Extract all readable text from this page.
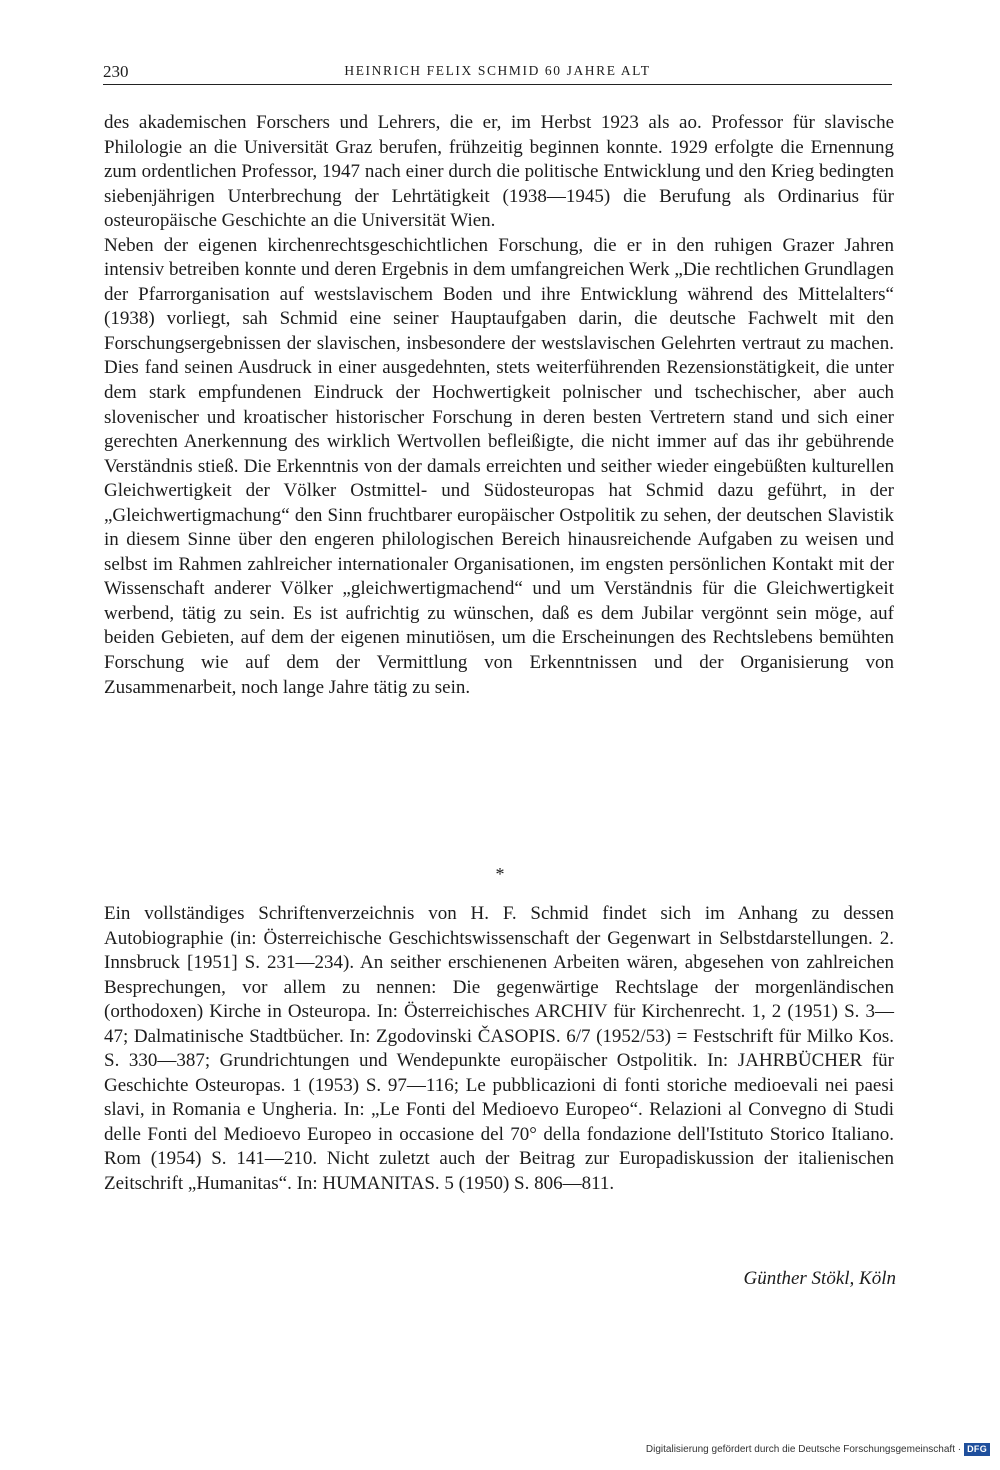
230	HEINRICH FELIX SCHMID 60 JAHRE ALT

des akademischen Forschers und Lehrers, die er, im Herbst 1923 als ao. Professor für slavische Philologie an die Universität Graz berufen, frühzeitig beginnen konnte. 1929 erfolgte die Ernennung zum ordentlichen Professor, 1947 nach einer durch die politische Entwicklung und den Krieg bedingten siebenjährigen Unterbrechung der Lehrtätigkeit (1938—1945) die Berufung als Ordinarius für osteuropäische Geschichte an die Universität Wien.

Neben der eigenen kirchenrechtsgeschichtlichen Forschung, die er in den ruhigen Grazer Jahren intensiv betreiben konnte und deren Ergebnis in dem umfangreichen Werk „Die rechtlichen Grundlagen der Pfarrorganisation auf westslavischem Boden und ihre Entwicklung während des Mittelalters“ (1938) vorliegt, sah Schmid eine seiner Hauptaufgaben darin, die deutsche Fachwelt mit den Forschungsergebnissen der slavischen, insbesondere der westslavischen Gelehrten vertraut zu machen. Dies fand seinen Ausdruck in einer ausgedehnten, stets weiterführenden Rezensionstätigkeit, die unter dem stark empfundenen Eindruck der Hochwertigkeit polnischer und tschechischer, aber auch slovenischer und kroatischer historischer Forschung in deren besten Vertretern stand und sich einer gerechten Anerkennung des wirklich Wertvollen befleißigte, die nicht immer auf das ihr gebührende Verständnis stieß. Die Erkenntnis von der damals erreichten und seither wieder eingebüßten kulturellen Gleichwertigkeit der Völker Ostmittel- und Südosteuropas hat Schmid dazu geführt, in der „Gleichwertigmachung“ den Sinn fruchtbarer europäischer Ostpolitik zu sehen, der deutschen Slavistik in diesem Sinne über den engeren philologischen Bereich hinausreichende Aufgaben zu weisen und selbst im Rahmen zahlreicher internationaler Organisationen, im engsten persönlichen Kontakt mit der Wissenschaft anderer Völker „gleichwertigmachend“ und um Verständnis für die Gleichwertigkeit werbend, tätig zu sein. Es ist aufrichtig zu wünschen, daß es dem Jubilar vergönnt sein möge, auf beiden Gebieten, auf dem der eigenen minutiösen, um die Erscheinungen des Rechtslebens bemühten Forschung wie auf dem der Vermittlung von Erkenntnissen und der Organisierung von Zusammenarbeit, noch lange Jahre tätig zu sein.

*

Ein vollständiges Schriftenverzeichnis von H. F. Schmid findet sich im Anhang zu dessen Autobiographie (in: Österreichische Geschichtswissenschaft der Gegenwart in Selbstdarstellungen. 2. Innsbruck [1951] S. 231—234). An seither erschienenen Arbeiten wären, abgesehen von zahlreichen Besprechungen, vor allem zu nennen: Die gegenwärtige Rechtslage der morgenländischen (orthodoxen) Kirche in Osteuropa. In: Österreichisches ARCHIV für Kirchenrecht. 1, 2 (1951) S. 3—47; Dalmatinische Stadtbücher. In: Zgodovinski ČASOPIS. 6/7 (1952/53) = Festschrift für Milko Kos. S. 330—387; Grundrichtungen und Wendepunkte europäischer Ostpolitik. In: JAHRBÜCHER für Geschichte Osteuropas. 1 (1953) S. 97—116; Le pubblicazioni di fonti storiche medioevali nei paesi slavi, in Romania e Ungheria. In: „Le Fonti del Medioevo Europeo“. Relazioni al Convegno di Studi delle Fonti del Medioevo Europeo in occasione del 70° della fondazione dell'Istituto Storico Italiano. Rom (1954) S. 141—210. Nicht zuletzt auch der Beitrag zur Europadiskussion der italienischen Zeitschrift „Humanitas“. In: HUMANITAS. 5 (1950) S. 806—811.

Günther Stökl, Köln
Digitalisierung gefördert durch die Deutsche Forschungsgemeinschaft · DFG
